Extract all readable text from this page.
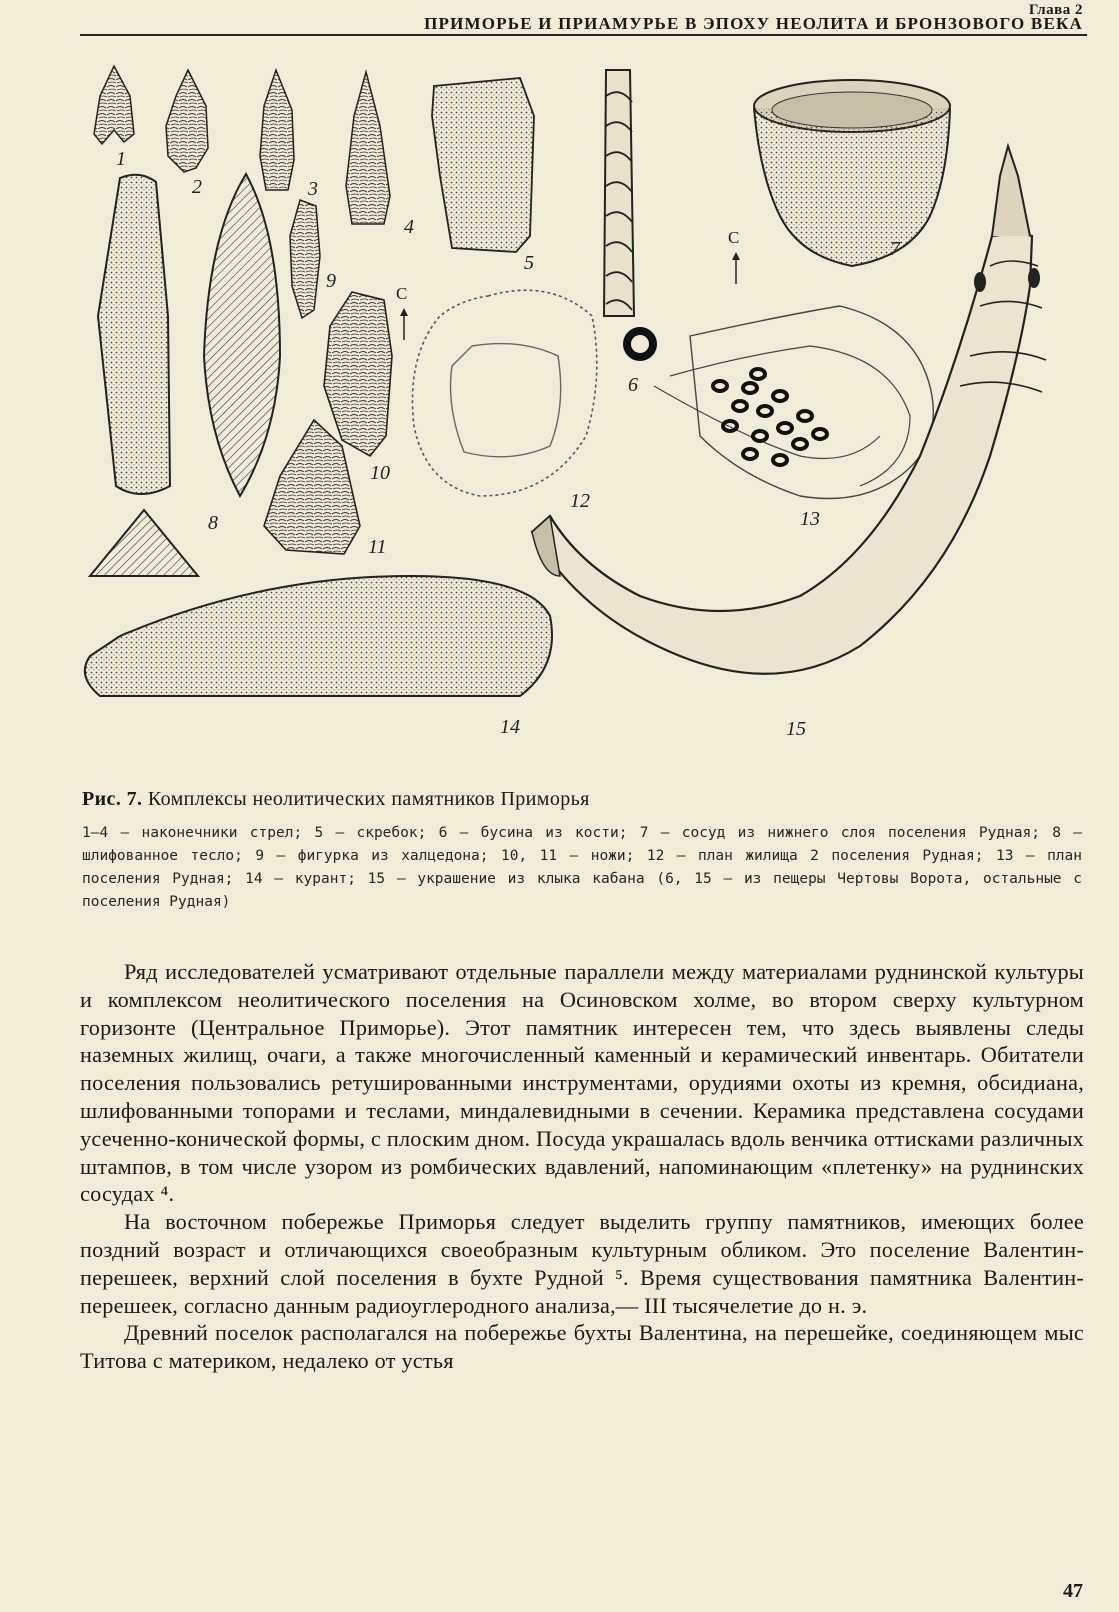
Глава 2
ПРИМОРЬЕ И ПРИАМУРЬЕ В ЭПОХУ НЕОЛИТА И БРОНЗОВОГО ВЕКА
1
2	3
4
5
6
7
8
9
10
11
12
13
14	15
С
С
Рис. 7. Комплексы неолитических памятников Приморья
1—4 — наконечники стрел; 5 — скребок; 6 — бусина из кости; 7 — сосуд из нижнего слоя поселения Рудная; 8 — шлифованное тесло; 9 — фигурка из халцедона; 10, 11 — ножи; 12 — план жилища 2 поселения Рудная; 13 — план поселения Рудная; 14 — курант; 15 — украшение из клыка кабана (6, 15 — из пещеры Чертовы Ворота, остальные с поселения Рудная)

Ряд исследователей усматривают отдельные параллели между материалами руднинской культуры и комплексом неолитического поселения на Осиновском холме, во втором сверху культурном горизонте (Центральное Приморье). Этот памятник интересен тем, что здесь выявлены следы наземных жилищ, очаги, а также многочисленный каменный и керамический инвентарь. Обитатели поселения пользовались ретушированными инструментами, орудиями охоты из кремня, обсидиана, шлифованными топорами и теслами, миндалевидными в сечении. Керамика представлена сосудами усеченно-конической формы, с плоским дном. Посуда украшалась вдоль венчика оттисками различных штампов, в том числе узором из ромбических вдавлений, напоминающим «плетенку» на руднинских сосудах ⁴.

На восточном побережье Приморья следует выделить группу памятников, имеющих более поздний возраст и отличающихся своеобразным культурным обликом. Это поселение Валентин-перешеек, верхний слой поселения в бухте Рудной ⁵. Время существования памятника Валентин-перешеек, согласно данным радиоуглеродного анализа,— III тысячелетие до н. э.

Древний поселок располагался на побережье бухты Валентина, на перешейке, соединяющем мыс Титова с материком, недалеко от устья

47
